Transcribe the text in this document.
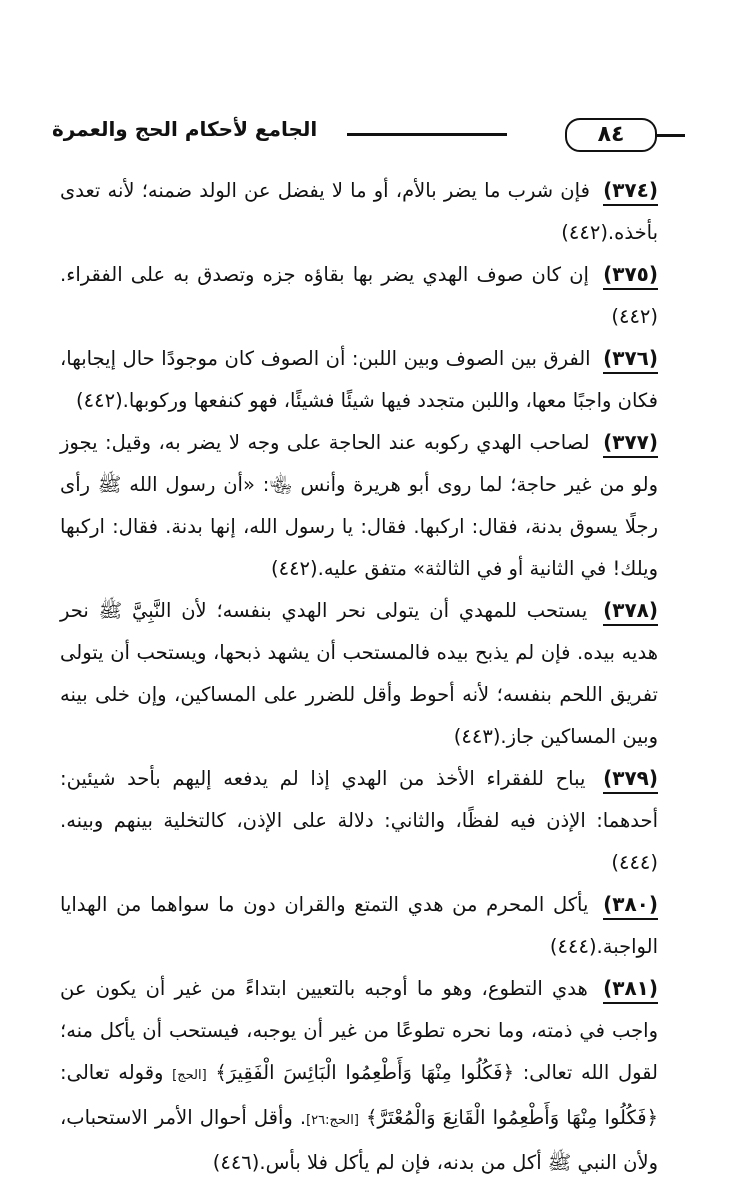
٨٤
الجامع لأحكام الحج والعمرة

( ٣٧٤ ) فإن شرب ما يضر بالأم، أو ما لا يفضل عن الولد ضمنه؛ لأنه تعدى بأخذه.(٤٤٢)

( ٣٧٥ ) إن كان صوف الهدي يضر بها بقاؤه جزه وتصدق به على الفقراء.(٤٤٢)

( ٣٧٦ ) الفرق بين الصوف وبين اللبن: أن الصوف كان موجودًا حال إيجابها، فكان واجبًا معها، واللبن متجدد فيها شيئًا فشيئًا، فهو كنفعها وركوبها.(٤٤٢)

( ٣٧٧ ) لصاحب الهدي ركوبه عند الحاجة على وجه لا يضر به، وقيل: يجوز ولو من غير حاجة؛ لما روى أبو هريرة وأنس ﵄: «أن رسول الله ﷺ رأى رجلًا يسوق بدنة، فقال: اركبها. فقال: يا رسول الله، إنها بدنة. فقال: اركبها ويلك! في الثانية أو في الثالثة» متفق عليه.(٤٤٢)

( ٣٧٨ ) يستحب للمهدي أن يتولى نحر الهدي بنفسه؛ لأن النَّبِيَّ ﷺ نحر هديه بيده. فإن لم يذبح بيده فالمستحب أن يشهد ذبحها، ويستحب أن يتولى تفريق اللحم بنفسه؛ لأنه أحوط وأقل للضرر على المساكين، وإن خلى بينه وبين المساكين جاز.(٤٤٣)

( ٣٧٩ ) يباح للفقراء الأخذ من الهدي إذا لم يدفعه إليهم بأحد شيئين: أحدهما: الإذن فيه لفظًا، والثاني: دلالة على الإذن، كالتخلية بينهم وبينه.(٤٤٤)

( ٣٨٠ ) يأكل المحرم من هدي التمتع والقران دون ما سواهما من الهدايا الواجبة.(٤٤٤)

( ٣٨١ ) هدي التطوع، وهو ما أوجبه بالتعيين ابتداءً من غير أن يكون عن واجب في ذمته، وما نحره تطوعًا من غير أن يوجبه، فيستحب أن يأكل منه؛ لقول الله تعالى: ﴿فَكُلُوا مِنْهَا وَأَطْعِمُوا الْبَائِسَ الْفَقِيرَ﴾ [الحج] وقوله تعالى: ﴿فَكُلُوا مِنْهَا وَأَطْعِمُوا الْقَانِعَ وَالْمُعْتَرَّ﴾ [الحج:٢٦]. وأقل أحوال الأمر الاستحباب، ولأن النبي ﷺ أكل من بدنه، فإن لم يأكل فلا بأس.(٤٤٦)
